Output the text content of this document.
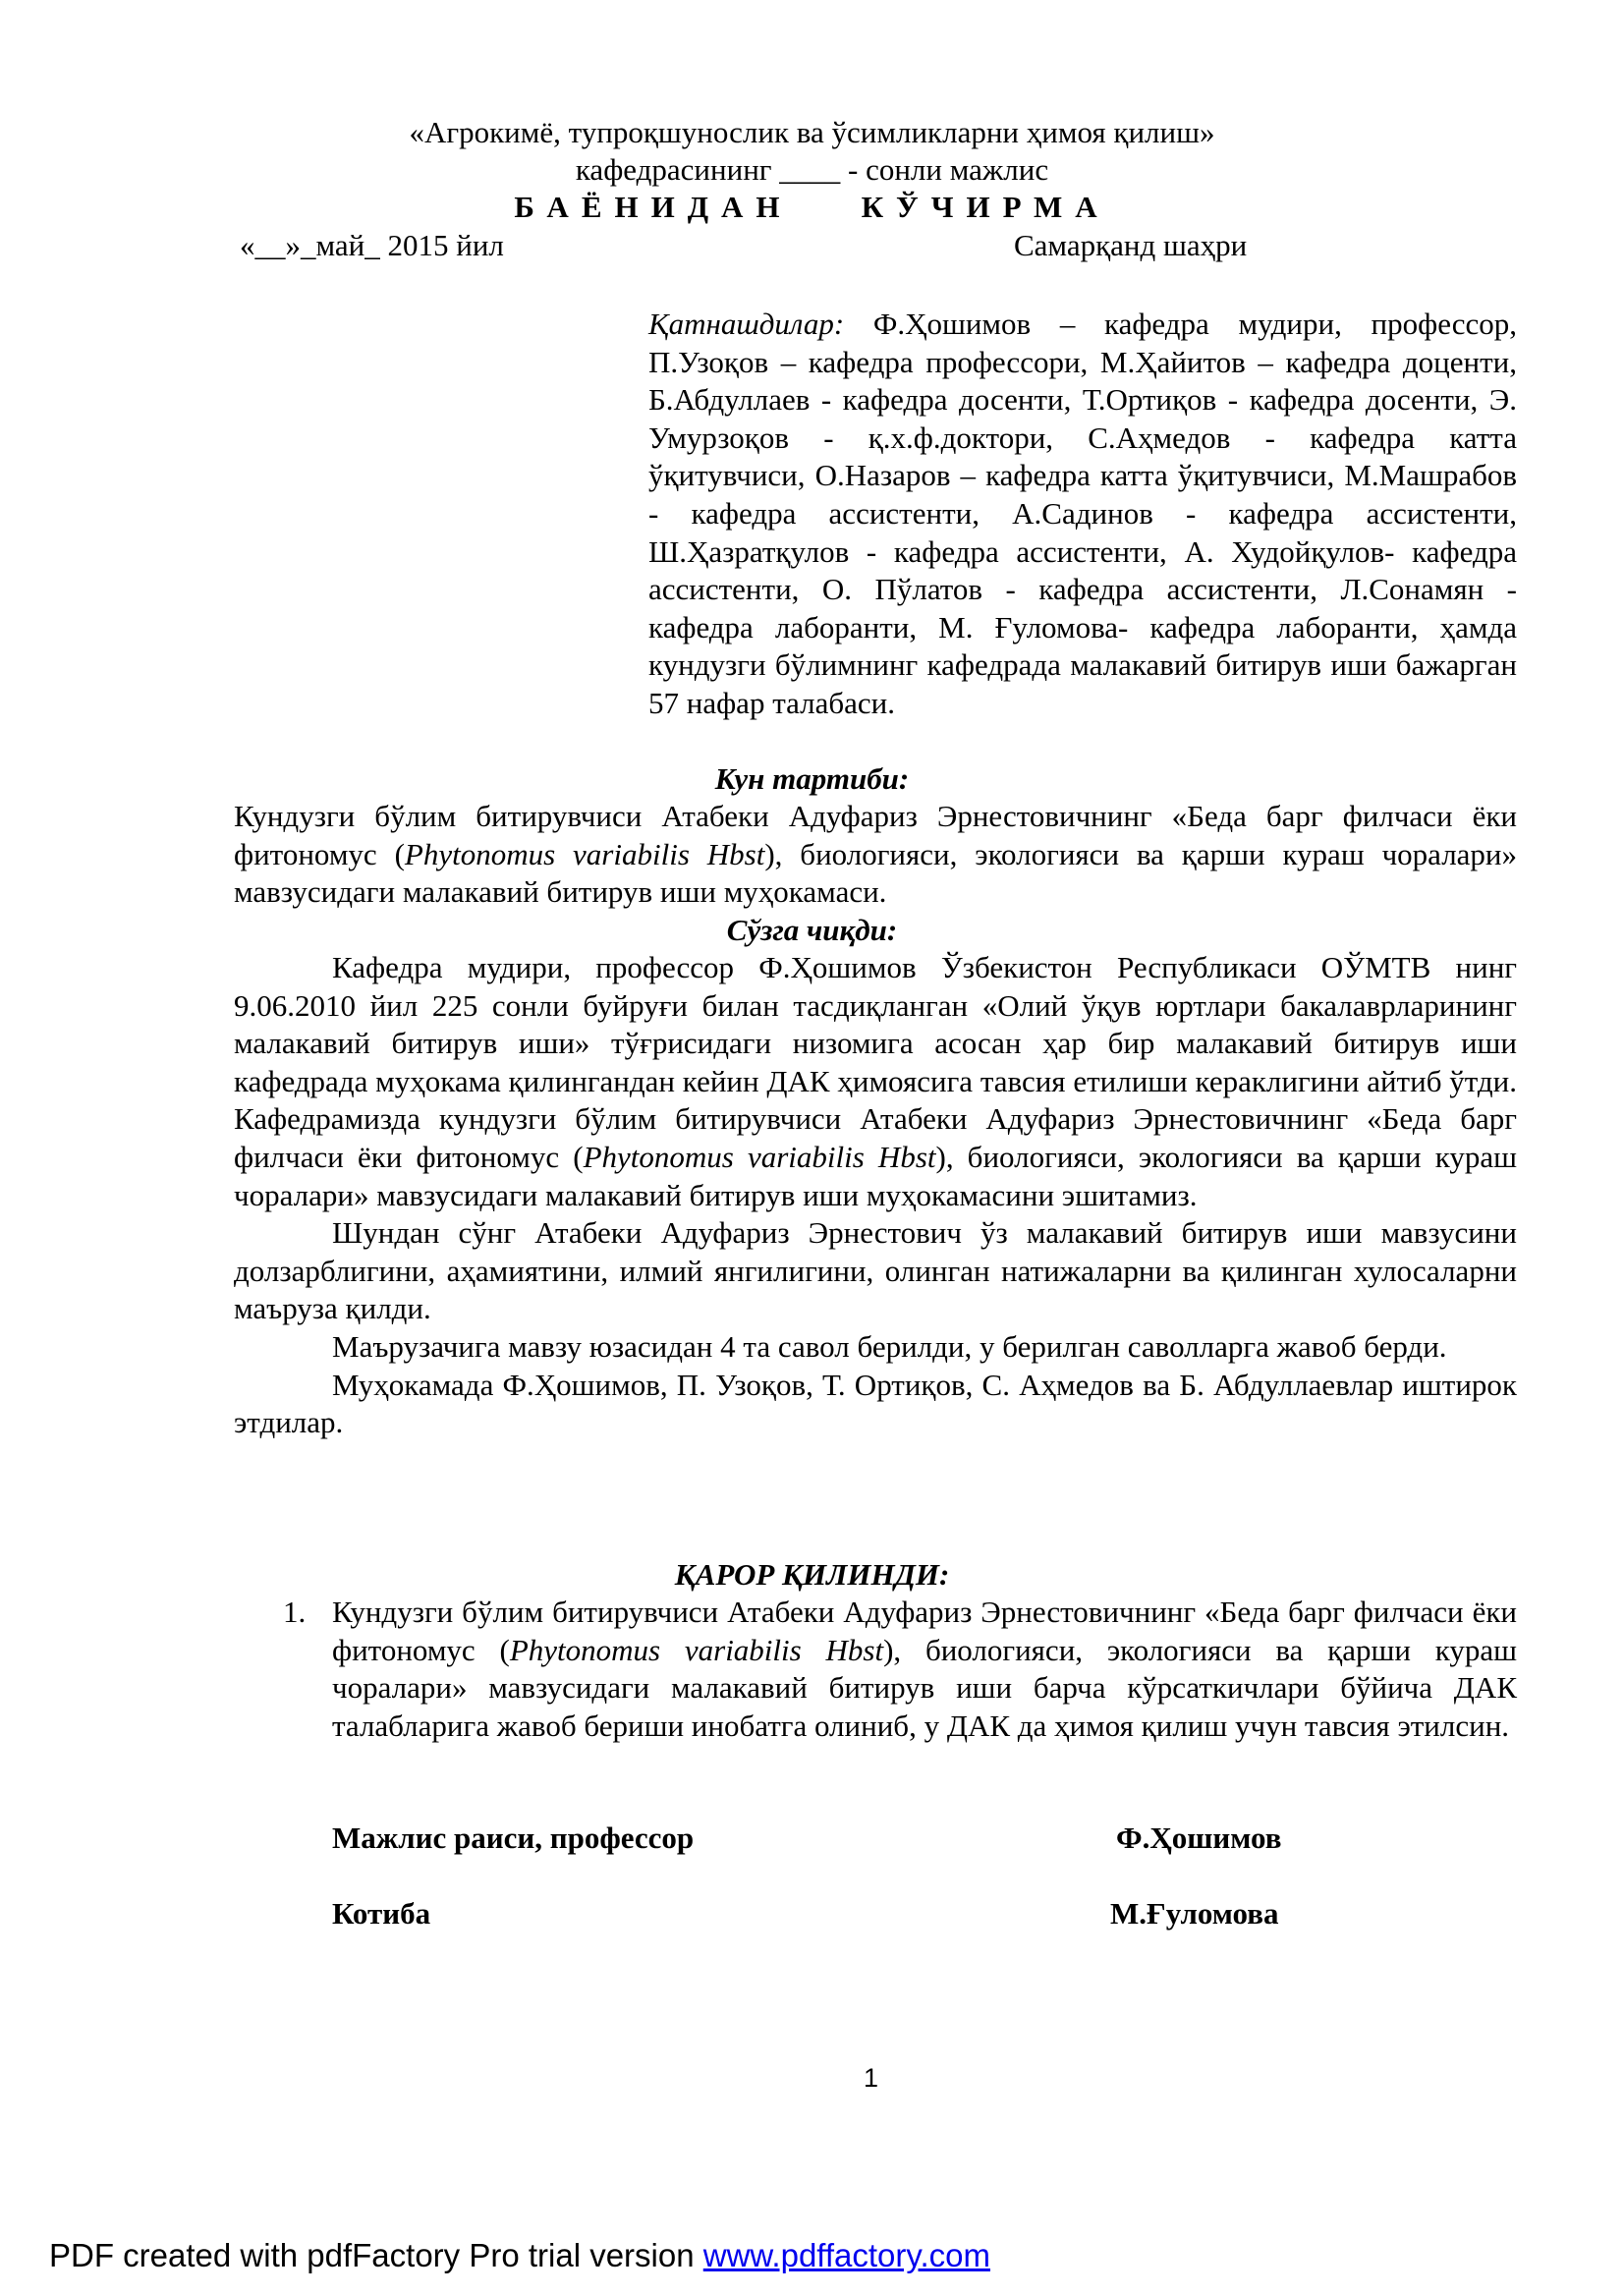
«Агрокимё, тупроқшунослик ва ўсимликларни ҳимоя қилиш»
кафедрасининг ____ - сонли мажлис
БАЁНИДАН КЎЧИРМА
«__»_май_ 2015 йил	Самарқанд шаҳри
Қатнашдилар: Ф.Ҳошимов – кафедра мудири, профессор, П.Узоқов – кафедра профессори, М.Ҳайитов – кафедра доценти, Б.Абдуллаев - кафедра досенти, Т.Ортиқов - кафедра досенти, Э. Умурзоқов - қ.х.ф.доктори, С.Аҳмедов - кафедра катта ўқитувчиси, О.Назаров – кафедра катта ўқитувчиси, М.Машрабов - кафедра ассистенти, А.Садинов - кафедра ассистенти, Ш.Ҳазратқулов - кафедра ассистенти, А. Худойқулов- кафедра ассистенти, О. Пўлатов - кафедра ассистенти, Л.Сонамян - кафедра лаборанти, М. Ғуломова- кафедра лаборанти, ҳамда кундузги бўлимнинг кафедрада малакавий битирув иши бажарган 57 нафар талабаси.
Кун тартиби:
Кундузги бўлим битирувчиси Атабеки Адуфариз Эрнестовичнинг «Беда барг филчаси ёки фитономус (Phytonomus variabilis Hbst), биологияси, экологияси ва қарши кураш чоралари» мавзусидаги малакавий битирув иши муҳокамаси.
Сўзга чиқди:
Кафедра мудири, профессор Ф.Ҳошимов Ўзбекистон Республикаси ОЎМТВ нинг 9.06.2010 йил 225 сонли буйруғи билан тасдиқланган «Олий ўқув юртлари бакалаврларининг малакавий битирув иши» тўғрисидаги низомига асосан ҳар бир малакавий битирув иши кафедрада муҳокама қилингандан кейин ДАК ҳимоясига тавсия етилиши кераклигини айтиб ўтди. Кафедрамизда кундузги бўлим битирувчиси Атабеки Адуфариз Эрнестовичнинг «Беда барг филчаси ёки фитономус (Phytonomus variabilis Hbst), биологияси, экологияси ва қарши кураш чоралари» мавзусидаги малакавий битирув иши муҳокамасини эшитамиз.
Шундан сўнг Атабеки Адуфариз Эрнестович ўз малакавий битирув иши мавзусини долзарблигини, аҳамиятини, илмий янгилигини, олинган натижаларни ва қилинган хулосаларни маъруза қилди.
Маърузачига мавзу юзасидан 4 та савол берилди, у берилган саволларга жавоб берди.
Муҳокамада Ф.Ҳошимов, П. Узоқов, Т. Ортиқов, С. Аҳмедов ва Б. Абдуллаевлар иштирок этдилар.
ҚАРОР ҚИЛИНДИ:
1. Кундузги бўлим битирувчиси Атабеки Адуфариз Эрнестовичнинг «Беда барг филчаси ёки фитономус (Phytonomus variabilis Hbst), биологияси, экологияси ва қарши кураш чоралари» мавзусидаги малакавий битирув иши барча кўрсаткичлари бўйича ДАК талабларига жавоб бериши инобатга олиниб, у ДАК да ҳимоя қилиш учун тавсия этилсин.
Мажлис раиси, профессор	Ф.Ҳошимов
Котиба	М.Ғуломова
1
PDF created with pdfFactory Pro trial version www.pdffactory.com
